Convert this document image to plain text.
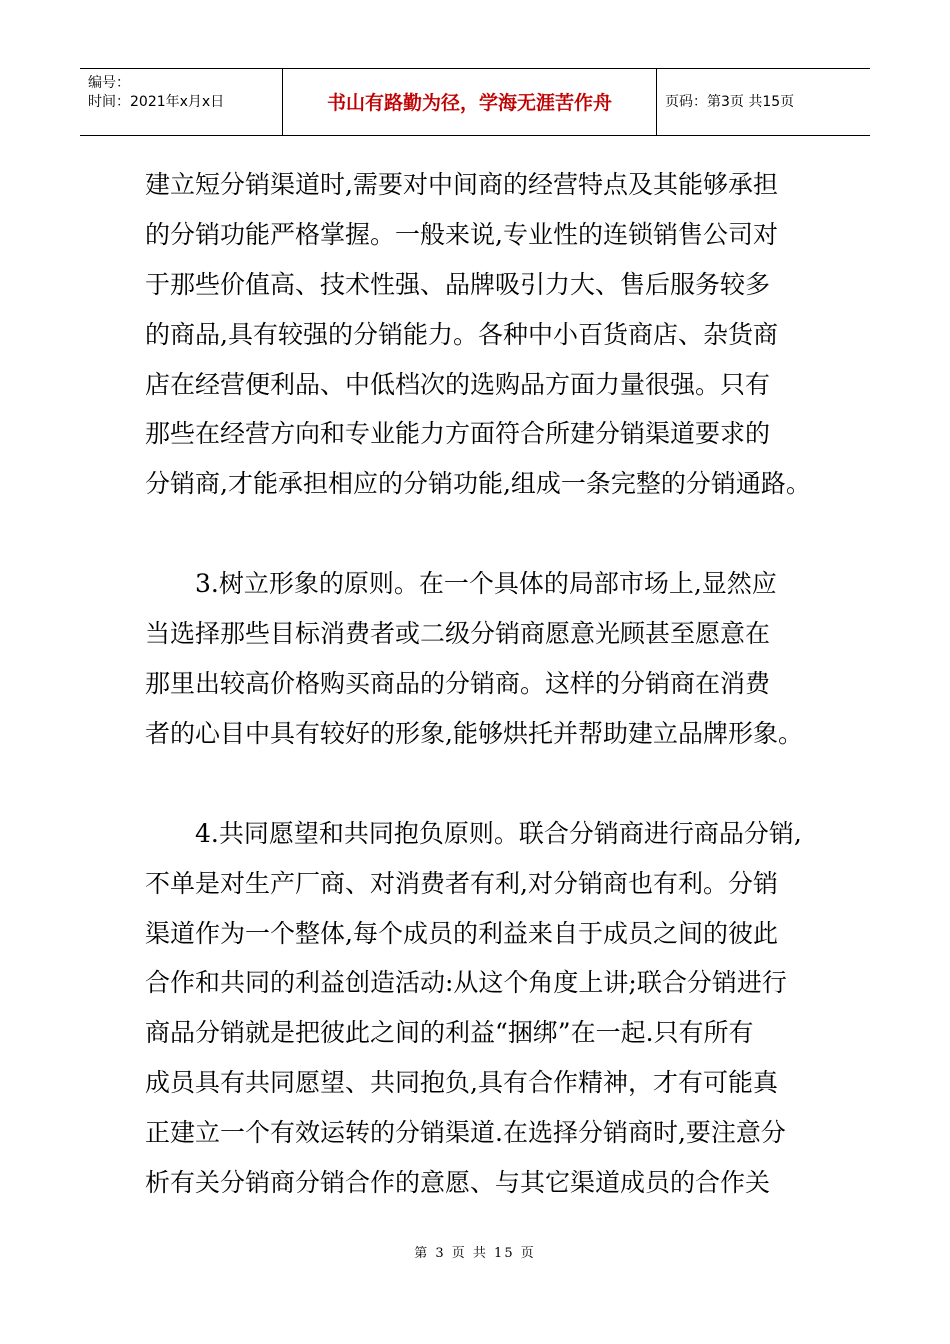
编号：
时间：2021年x月x日	书山有路勤为径，学海无涯苦作舟	页码：第3页 共15页
建立短分销渠道时,需要对中间商的经营特点及其能够承担
的分销功能严格掌握。一般来说,专业性的连锁销售公司对
于那些价值高、技术性强、品牌吸引力大、售后服务较多
的商品,具有较强的分销能力。各种中小百货商店、杂货商
店在经营便利品、中低档次的选购品方面力量很强。只有
那些在经营方向和专业能力方面符合所建分销渠道要求的
分销商,才能承担相应的分销功能,组成一条完整的分销通路。
3.树立形象的原则。在一个具体的局部市场上,显然应
当选择那些目标消费者或二级分销商愿意光顾甚至愿意在
那里出较高价格购买商品的分销商。这样的分销商在消费
者的心目中具有较好的形象,能够烘托并帮助建立品牌形象。
4.共同愿望和共同抱负原则。联合分销商进行商品分销,
不单是对生产厂商、对消费者有利,对分销商也有利。分销
渠道作为一个整体,每个成员的利益来自于成员之间的彼此
合作和共同的利益创造活动:从这个角度上讲;联合分销进行
商品分销就是把彼此之间的利益“捆绑”在一起.只有所有
成员具有共同愿望、共同抱负,具有合作精神，才有可能真
正建立一个有效运转的分销渠道.在选择分销商时,要注意分
析有关分销商分销合作的意愿、与其它渠道成员的合作关
第 3 页 共 15 页
